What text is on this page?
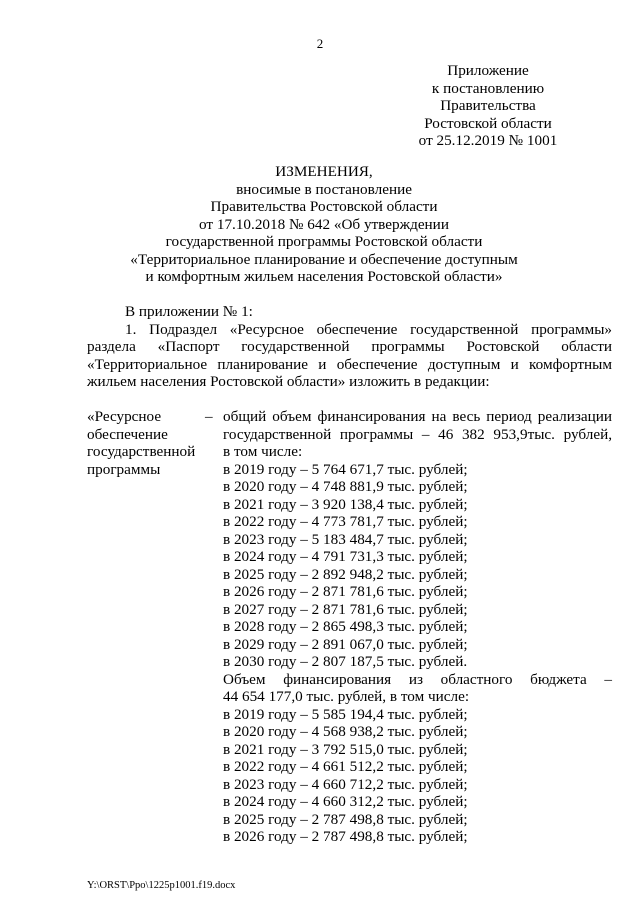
2
Приложение
к постановлению
Правительства
Ростовской области
от 25.12.2019 № 1001
ИЗМЕНЕНИЯ,
вносимые в постановление
Правительства Ростовской области
от 17.10.2018 № 642 «Об утверждении
государственной программы Ростовской области
«Территориальное планирование и обеспечение доступным
и комфортным жильем населения Ростовской области»
В приложении № 1:
1. Подраздел «Ресурсное обеспечение государственной программы»
раздела «Паспорт государственной программы Ростовской области
«Территориальное планирование и обеспечение доступным и комфортным
жильем населения Ростовской области» изложить в редакции:
«Ресурсное
обеспечение
государственной
программы
– общий объем финансирования на весь период реализации
государственной программы – 46 382 953,9тыс. рублей,
в том числе:
в 2019 году – 5 764 671,7 тыс. рублей;
в 2020 году – 4 748 881,9 тыс. рублей;
в 2021 году – 3 920 138,4 тыс. рублей;
в 2022 году – 4 773 781,7 тыс. рублей;
в 2023 году – 5 183 484,7 тыс. рублей;
в 2024 году – 4 791 731,3 тыс. рублей;
в 2025 году – 2 892 948,2 тыс. рублей;
в 2026 году – 2 871 781,6 тыс. рублей;
в 2027 году – 2 871 781,6 тыс. рублей;
в 2028 году – 2 865 498,3 тыс. рублей;
в 2029 году – 2 891 067,0 тыс. рублей;
в 2030 году – 2 807 187,5 тыс. рублей.
Объем финансирования из областного бюджета –
44 654 177,0 тыс. рублей, в том числе:
в 2019 году – 5 585 194,4 тыс. рублей;
в 2020 году – 4 568 938,2 тыс. рублей;
в 2021 году – 3 792 515,0 тыс. рублей;
в 2022 году – 4 661 512,2 тыс. рублей;
в 2023 году – 4 660 712,2 тыс. рублей;
в 2024 году – 4 660 312,2 тыс. рублей;
в 2025 году – 2 787 498,8 тыс. рублей;
в 2026 году – 2 787 498,8 тыс. рублей;
Y:\ORST\Ppo\1225p1001.f19.docx
